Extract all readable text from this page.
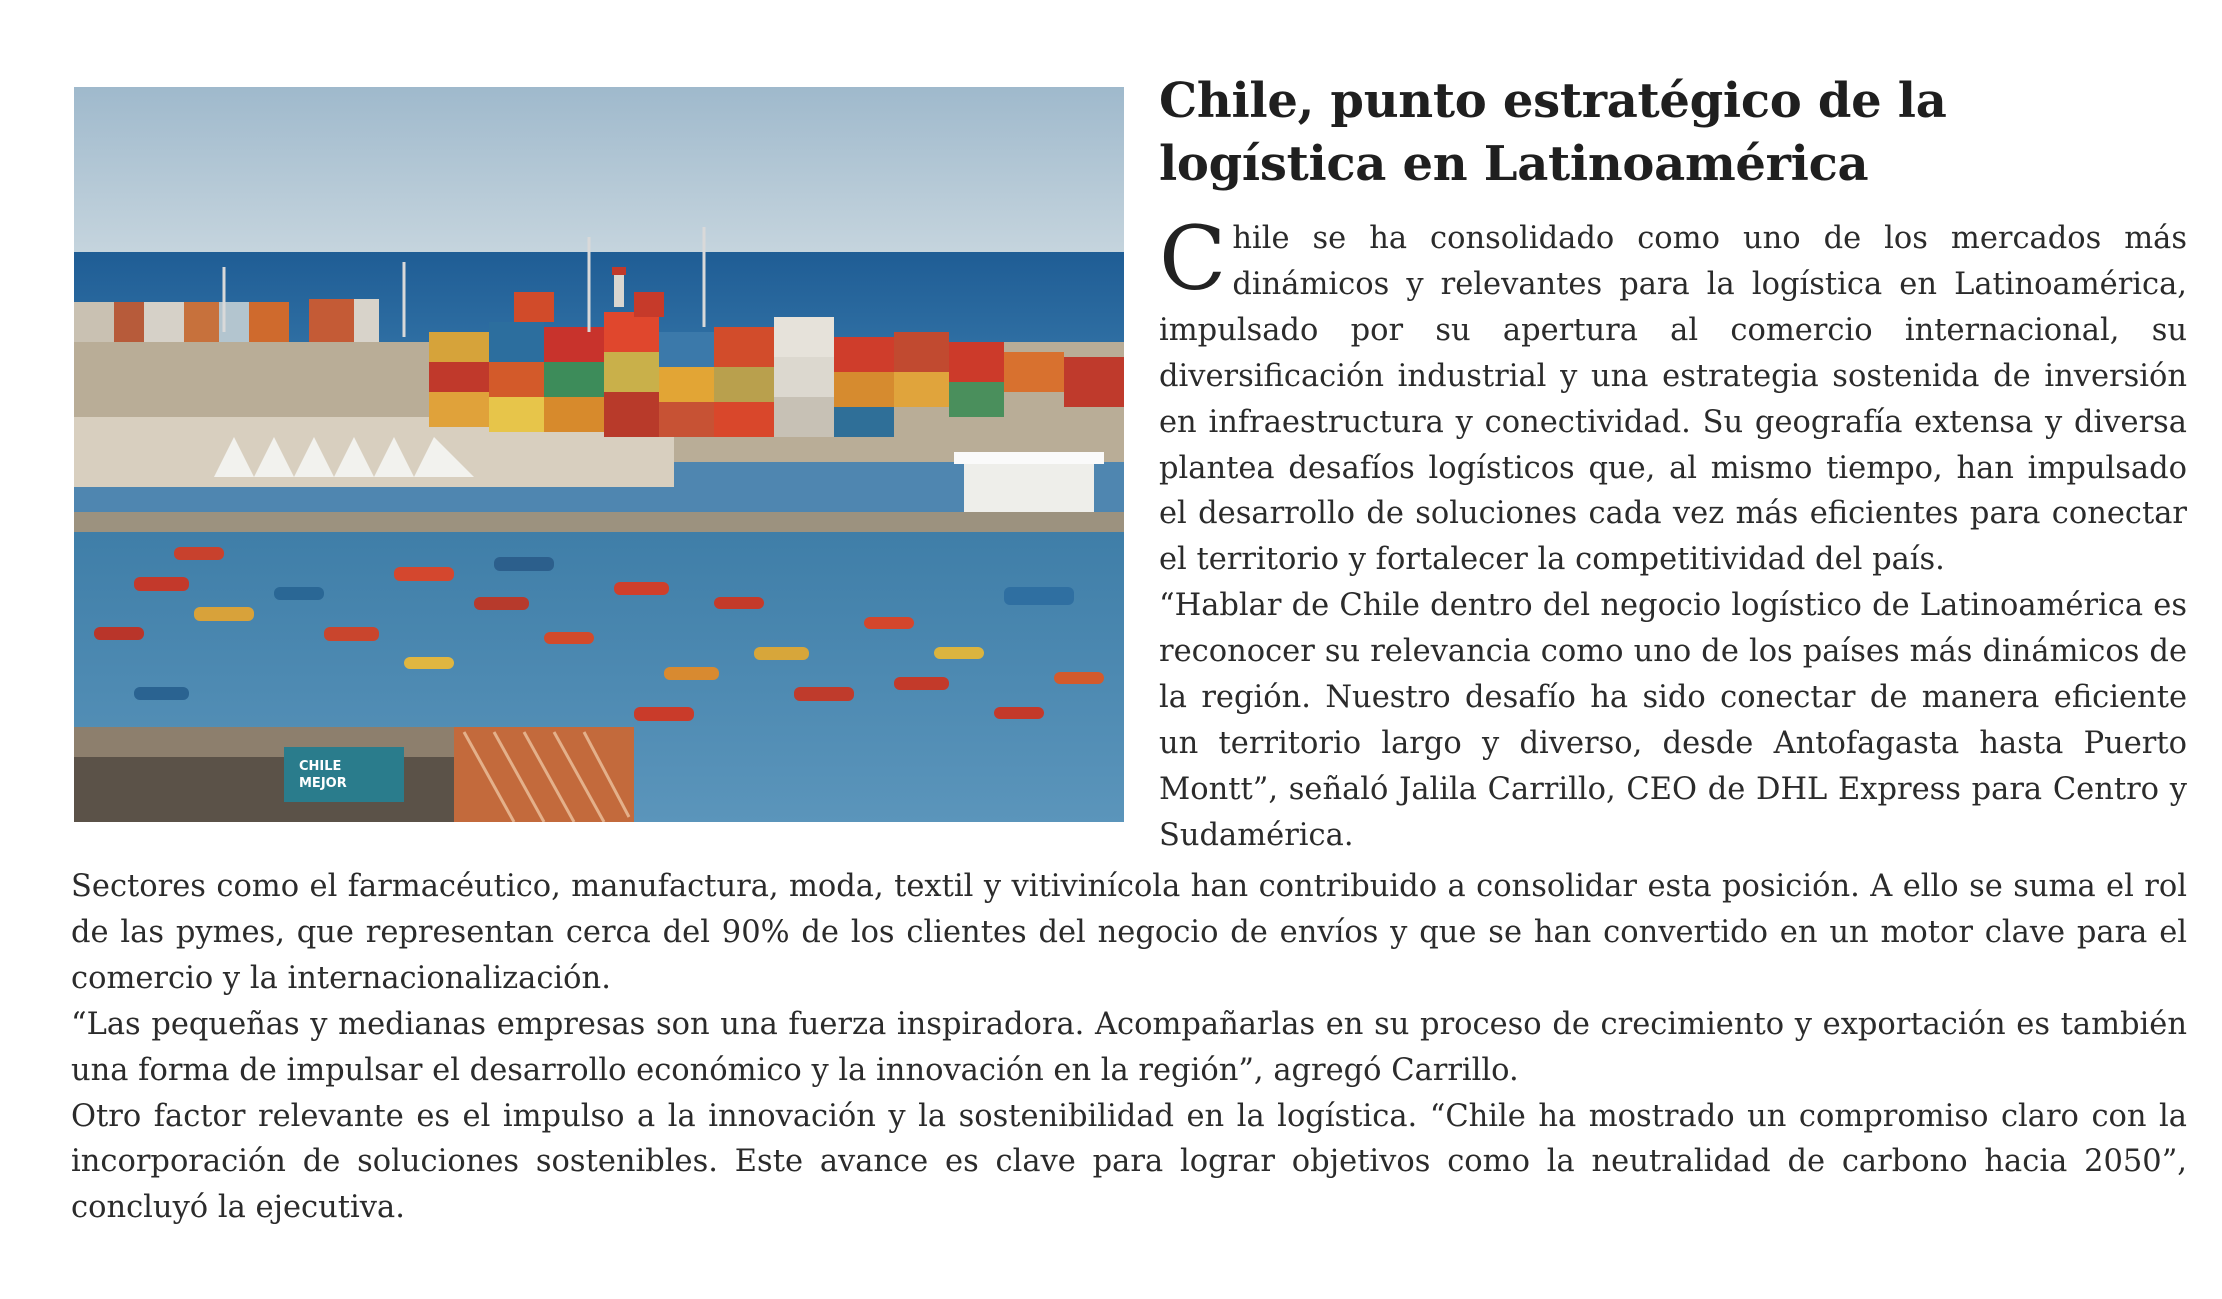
CHILE
MEJOR
Chile, punto estratégico de la logística en Latinoamérica

Chile se ha consolidado como uno de los mercados más dinámicos y relevantes para la logística en Latinoamérica, impulsado por su apertura al comercio internacional, su diversificación industrial y una estrategia sostenida de inversión en infraestructura y conectividad. Su geografía extensa y diversa plantea desafíos logísticos que, al mismo tiempo, han impulsado el desarrollo de soluciones cada vez más eficientes para conectar el territorio y fortalecer la competitividad del país.

“Hablar de Chile dentro del negocio logístico de Latinoamérica es reconocer su relevancia como uno de los países más dinámicos de la región. Nuestro desafío ha sido conectar de manera eficiente un territorio largo y diverso, desde Antofagasta hasta Puerto Montt”, señaló Jalila Carrillo, CEO de DHL Express para Centro y Sudamérica.

Sectores como el farmacéutico, manufactura, moda, textil y vitivinícola han contribuido a consolidar esta posición. A ello se suma el rol de las pymes, que representan cerca del 90% de los clientes del negocio de envíos y que se han convertido en un motor clave para el comercio y la internacionalización.

“Las pequeñas y medianas empresas son una fuerza inspiradora. Acompañarlas en su proceso de crecimiento y exportación es también una forma de impulsar el desarrollo económico y la innovación en la región”, agregó Carrillo.

Otro factor relevante es el impulso a la innovación y la sostenibilidad en la logística. “Chile ha mostrado un compromiso claro con la incorporación de soluciones sostenibles. Este avance es clave para lograr objetivos como la neutralidad de carbono hacia 2050”, concluyó la ejecutiva.
